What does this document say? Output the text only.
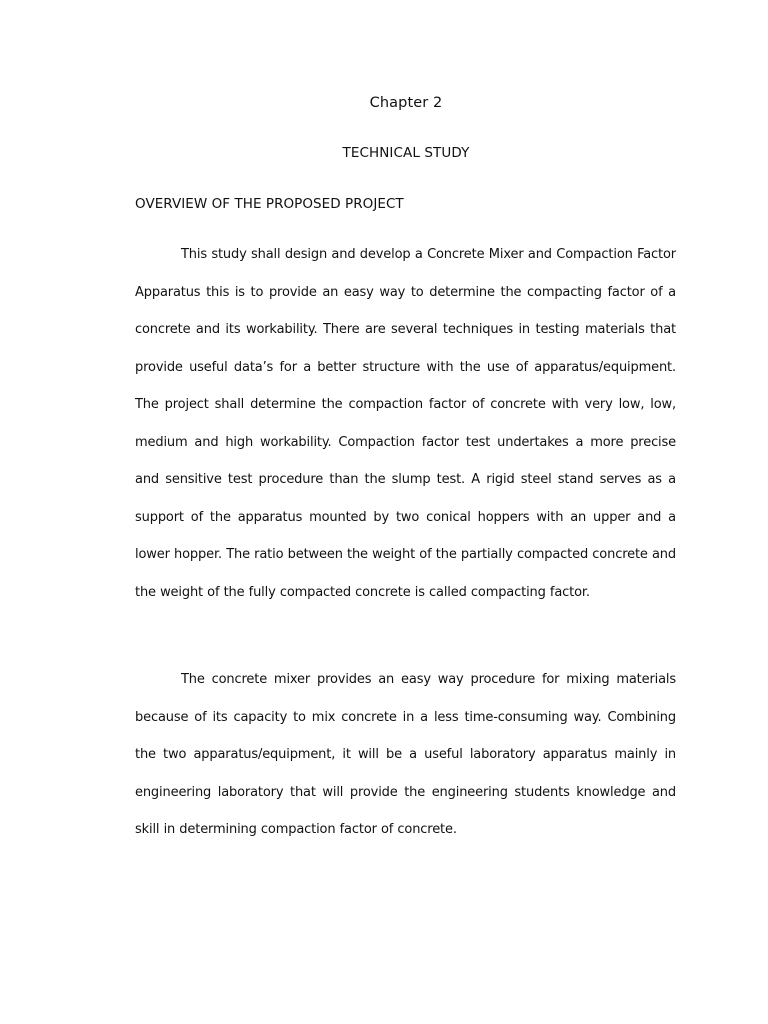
Chapter 2
TECHNICAL STUDY
OVERVIEW OF THE PROPOSED PROJECT

This study shall design and develop a Concrete Mixer and Compaction Factor Apparatus this is to provide an easy way to determine the compacting factor of a concrete and its workability. There are several techniques in testing materials that provide useful data’s for a better structure with the use of apparatus/equipment. The project shall determine the compaction factor of concrete with very low, low, medium and high workability. Compaction factor test undertakes a more precise and sensitive test procedure than the slump test. A rigid steel stand serves as a support of the apparatus mounted by two conical hoppers with an upper and a lower hopper. The ratio between the weight of the partially compacted concrete and the weight of the fully compacted concrete is called compacting factor.

The concrete mixer provides an easy way procedure for mixing materials because of its capacity to mix concrete in a less time-consuming way. Combining the two apparatus/equipment, it will be a useful laboratory apparatus mainly in engineering laboratory that will provide the engineering students knowledge and skill in determining compaction factor of concrete.
